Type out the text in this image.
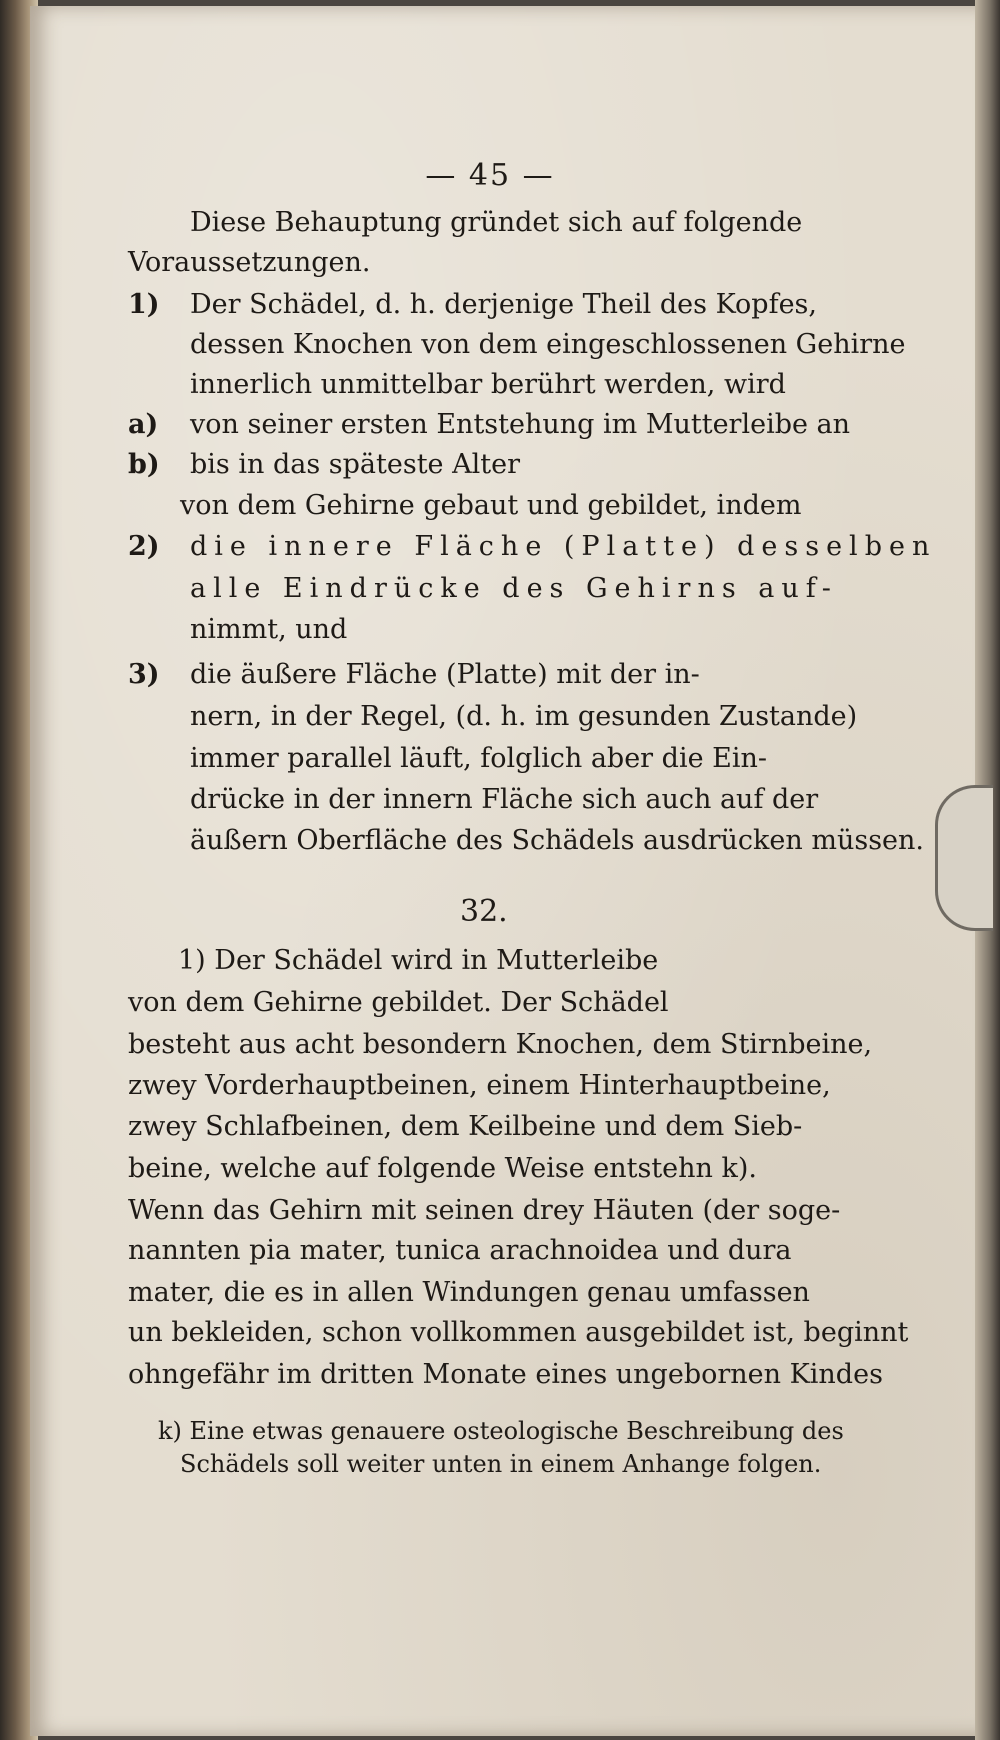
— 45 —
Diese Behauptung gründet sich auf folgende
Voraussetzungen.
1) Der Schädel, d. h. derjenige Theil des Kopfes,
dessen Knochen von dem eingeschlossenen Gehirne
innerlich unmittelbar berührt werden, wird
a) von seiner ersten Entstehung im Mutterleibe an
b) bis in das späteste Alter
von dem Gehirne gebaut und gebildet, indem
2) die innere Fläche (Platte) desselben
alle Eindrücke des Gehirns auf-
nimmt, und
3) die äußere Fläche (Platte) mit der in-
nern, in der Regel, (d. h. im gesunden Zustande)
immer parallel läuft, folglich aber die Ein-
drücke in der innern Fläche sich auch auf der
äußern Oberfläche des Schädels ausdrücken müssen.
32.
1) Der Schädel wird in Mutterleibe
von dem Gehirne gebildet. Der Schädel
besteht aus acht besondern Knochen, dem Stirnbeine,
zwey Vorderhauptbeinen, einem Hinterhauptbeine,
zwey Schlafbeinen, dem Keilbeine und dem Sieb-
beine, welche auf folgende Weise entstehn k).
Wenn das Gehirn mit seinen drey Häuten (der soge-
nannten pia mater, tunica arachnoidea und dura
mater, die es in allen Windungen genau umfassen
un bekleiden, schon vollkommen ausgebildet ist, beginnt
ohngefähr im dritten Monate eines ungebornen Kindes
k) Eine etwas genauere osteologische Beschreibung des
Schädels soll weiter unten in einem Anhange folgen.
